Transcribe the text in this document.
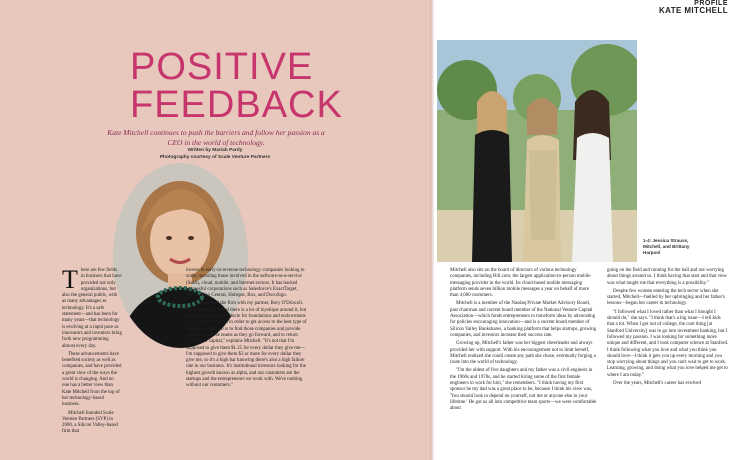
PROFILE
KATE MITCHELL
POSITIVE
FEEDBACK
Kate Mitchell continues to push the barriers and follow her passion as a CEO in the world of technology.
Written by Mariah Pardy
Photography courtesy of Scale Venture Partners

There are few fields in business that have provided not only organizations, but also the general public, with as many advantages as technology. It's a safe statement—and has been for many years—that technology is evolving at a rapid pace as innovators and inventors bring forth new programming almost every day.

These advancements have benefited society as well as companies, and have provided a great view of the ways the world is changing. And no one has a better view than Kate Mitchell from the top of her technology-based business.

Mitchell founded Scale Venture Partners (SVP) in 2000, a Silicon Valley-based firm that

invests in early-in-revenue technology companies looking to scale, including those involved in the software-as-a-service (SaaS), cloud, mobile, and Internet sectors. It has backed successful corporations such as Salesforce's ExactTarget, Vitrue, Ring Central, Hubspot, Box, and DocuSign.

"I co-founded the firm with my partner, Rory O'Driscoll. It's a venture firm and there is a lot of mystique around it, but we're an investment vehicle for foundations and endowments to put capital to work in order to get access to the best type of companies. My job is to find those companies and provide guidance to these teams as they go forward, and to return multiple of capital," explains Mitchell. "It's not that I'm supposed to give them $1.25 for every dollar they give me—I'm supposed to give them $3 or more for every dollar they give me, so it's a high bar knowing there's also a high failure rate in our business. It's institutional investors looking for the highest growth known as alpha, and our customers are the startups and the entrepreneurs we work with. We're nothing without our customers."

1-4: Jessica Strauss, Mitchell, and Brittany Harpool

Mitchell also sits on the board of directors of various technology companies, including Bill.com, the largest application-to-person mobile messaging provider in the world. Its cloud-based mobile messaging platform sends seven billion mobile messages a year on behalf of more than 4,000 customers.

Mitchell is a member of the Nasdaq Private Market Advisory Board, past chairman and current board member of the National Venture Capital Association—which funds entrepreneurs to transform ideas by advocating for policies encouraging innovation—and is a current board member of Silicon Valley Bankshares, a banking platform that helps startups, growing companies, and investors increase their success rate.

Growing up, Mitchell's father was her biggest cheerleader and always provided her with support. With his encouragement not to limit herself, Mitchell realized she could create any path she chose, eventually forging a route into the world of technology.

"I'm the oldest of five daughters and my father was a civil engineer in the 1960s and 1970s, and he started hiring some of the first female engineers to work for him," she remembers. "I think having my first sponsor be my dad was a great place to be, because I think his view was, 'You should look to depend on yourself, not me or anyone else in your lifetime.' He got us all into competitive team sports—we were comfortable about

going on the field and running for the ball and not worrying about things around us. I think having that start and that view was what taught me that everything is a possibility."

Despite few women entering the tech sector when she started, Mitchell—fuelled by her upbringing and her father's lessons—began her career in technology.

"I followed what I loved rather than what I thought I should do," she says. "I think that's a big issue—I tell kids that a lot. When I got out of college, the cool thing [at Stanford University] was to go into investment banking, but I followed my passion. I was looking for something more unique and different, and I took computer science at Stanford. I think following what you love and what you think you should love—I think it gets you up every morning and you stop worrying about things and you can't wait to get to work. Learning, growing, and doing what you love helped me get to where I am today."

Over the years, Mitchell's career has evolved
